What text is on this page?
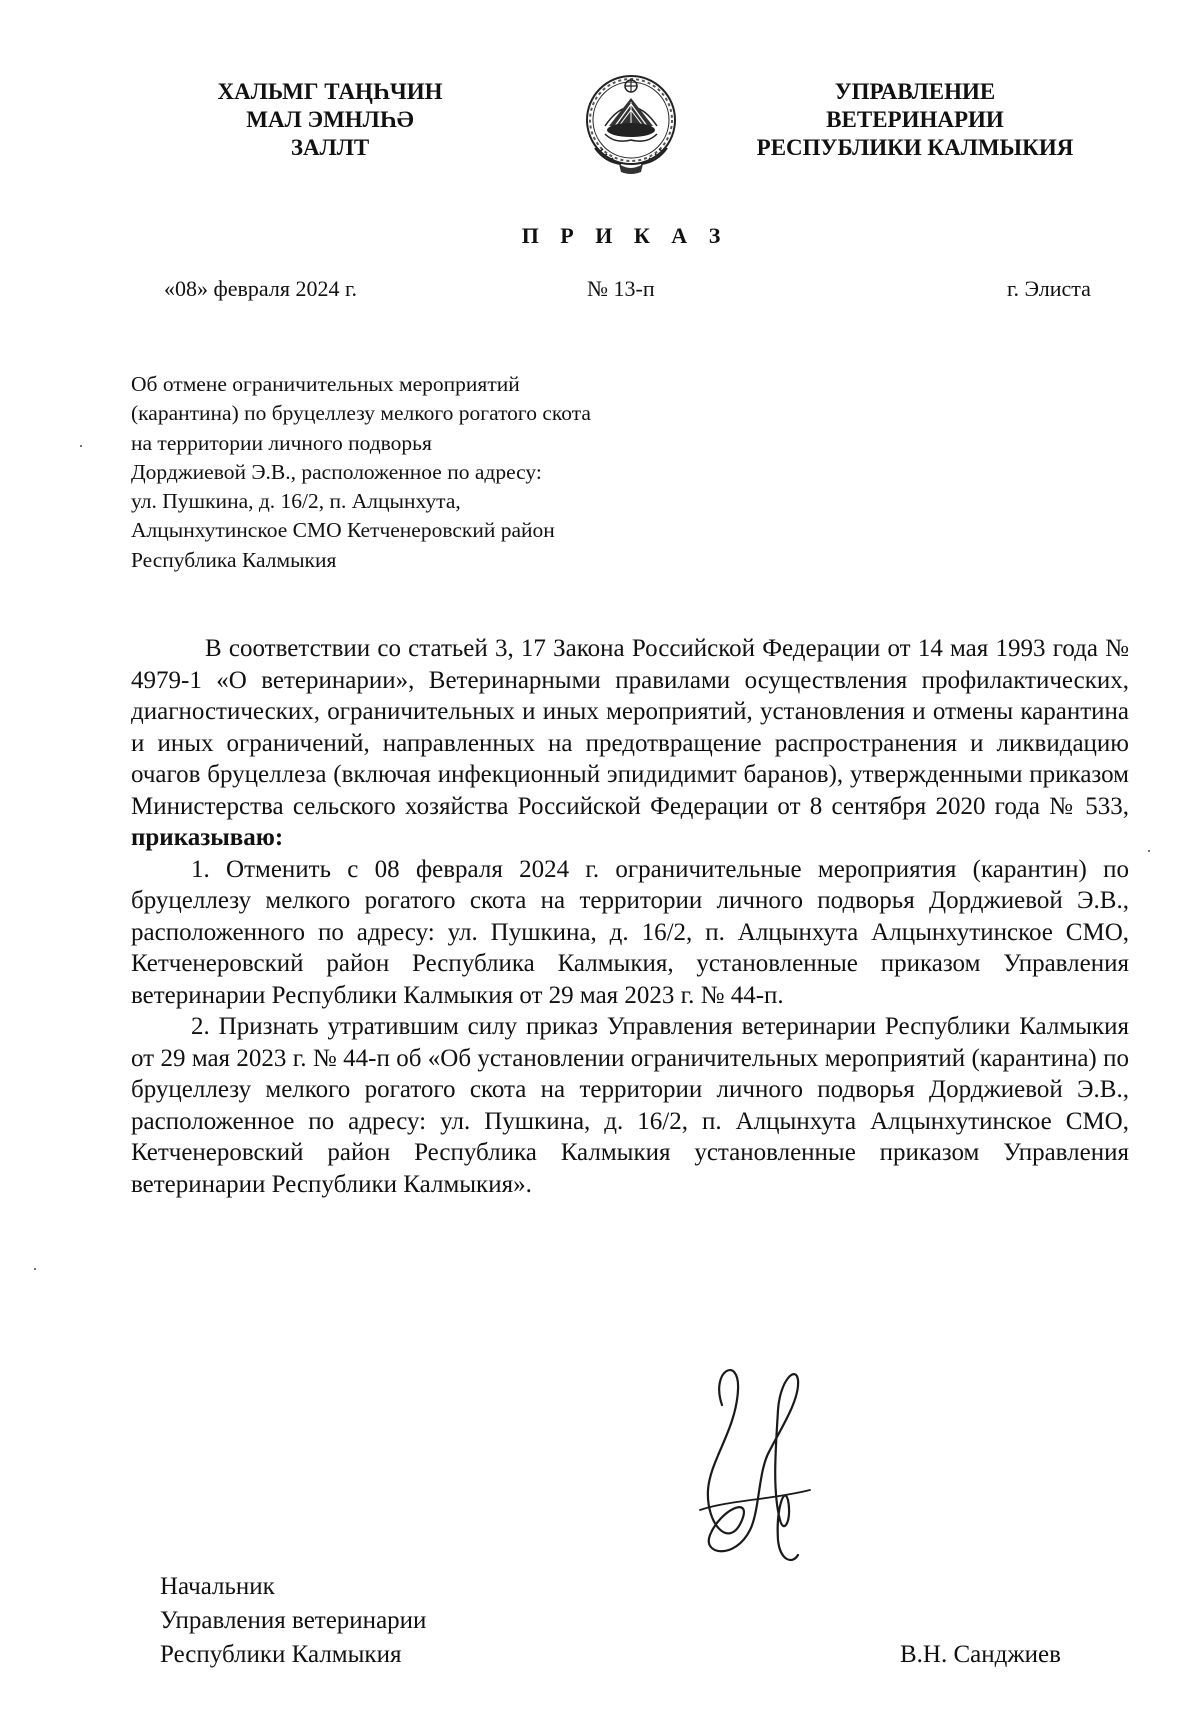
ХАЛЬМГ ТАҢҺЧИН
МАЛ ЭМНЛҺӘ
ЗАЛЛТ
УПРАВЛЕНИЕ
ВЕТЕРИНАРИИ
РЕСПУБЛИКИ КАЛМЫКИЯ
П Р И К А З
«08» февраля 2024 г.	№ 13-п	г. Элиста
Об отмене ограничительных мероприятий
(карантина) по бруцеллезу мелкого рогатого скота
на территории личного подворья
Дорджиевой Э.В., расположенное по адресу:
ул. Пушкина, д. 16/2, п. Алцынхута,
Алцынхутинское СМО Кетченеровский район
Республика Калмыкия

В соответствии со статьей 3, 17 Закона Российской Федерации от 14 мая 1993 года № 4979-1 «О ветеринарии», Ветеринарными правилами осуществления профилактических, диагностических, ограничительных и иных мероприятий, установления и отмены карантина и иных ограничений, направленных на предотвращение распространения и ликвидацию очагов бруцеллеза (включая инфекционный эпидидимит баранов), утвержденными приказом Министерства сельского хозяйства Российской Федерации от 8 сентября 2020 года № 533, приказываю:

1. Отменить с 08 февраля 2024 г. ограничительные мероприятия (карантин) по бруцеллезу мелкого рогатого скота на территории личного подворья Дорджиевой Э.В., расположенного по адресу: ул. Пушкина, д. 16/2, п. Алцынхута Алцынхутинское СМО, Кетченеровский район Республика Калмыкия, установленные приказом Управления ветеринарии Республики Калмыкия от 29 мая 2023 г. № 44-п.

2. Признать утратившим силу приказ Управления ветеринарии Республики Калмыкия от 29 мая 2023 г. № 44-п об «Об установлении ограничительных мероприятий (карантина) по бруцеллезу мелкого рогатого скота на территории личного подворья Дорджиевой Э.В., расположенное по адресу: ул. Пушкина, д. 16/2, п. Алцынхута Алцынхутинское СМО, Кетченеровский район Республика Калмыкия установленные приказом Управления ветеринарии Республики Калмыкия».

Начальник
Управления ветеринарии
Республики Калмыкия	В.Н. Санджиев
